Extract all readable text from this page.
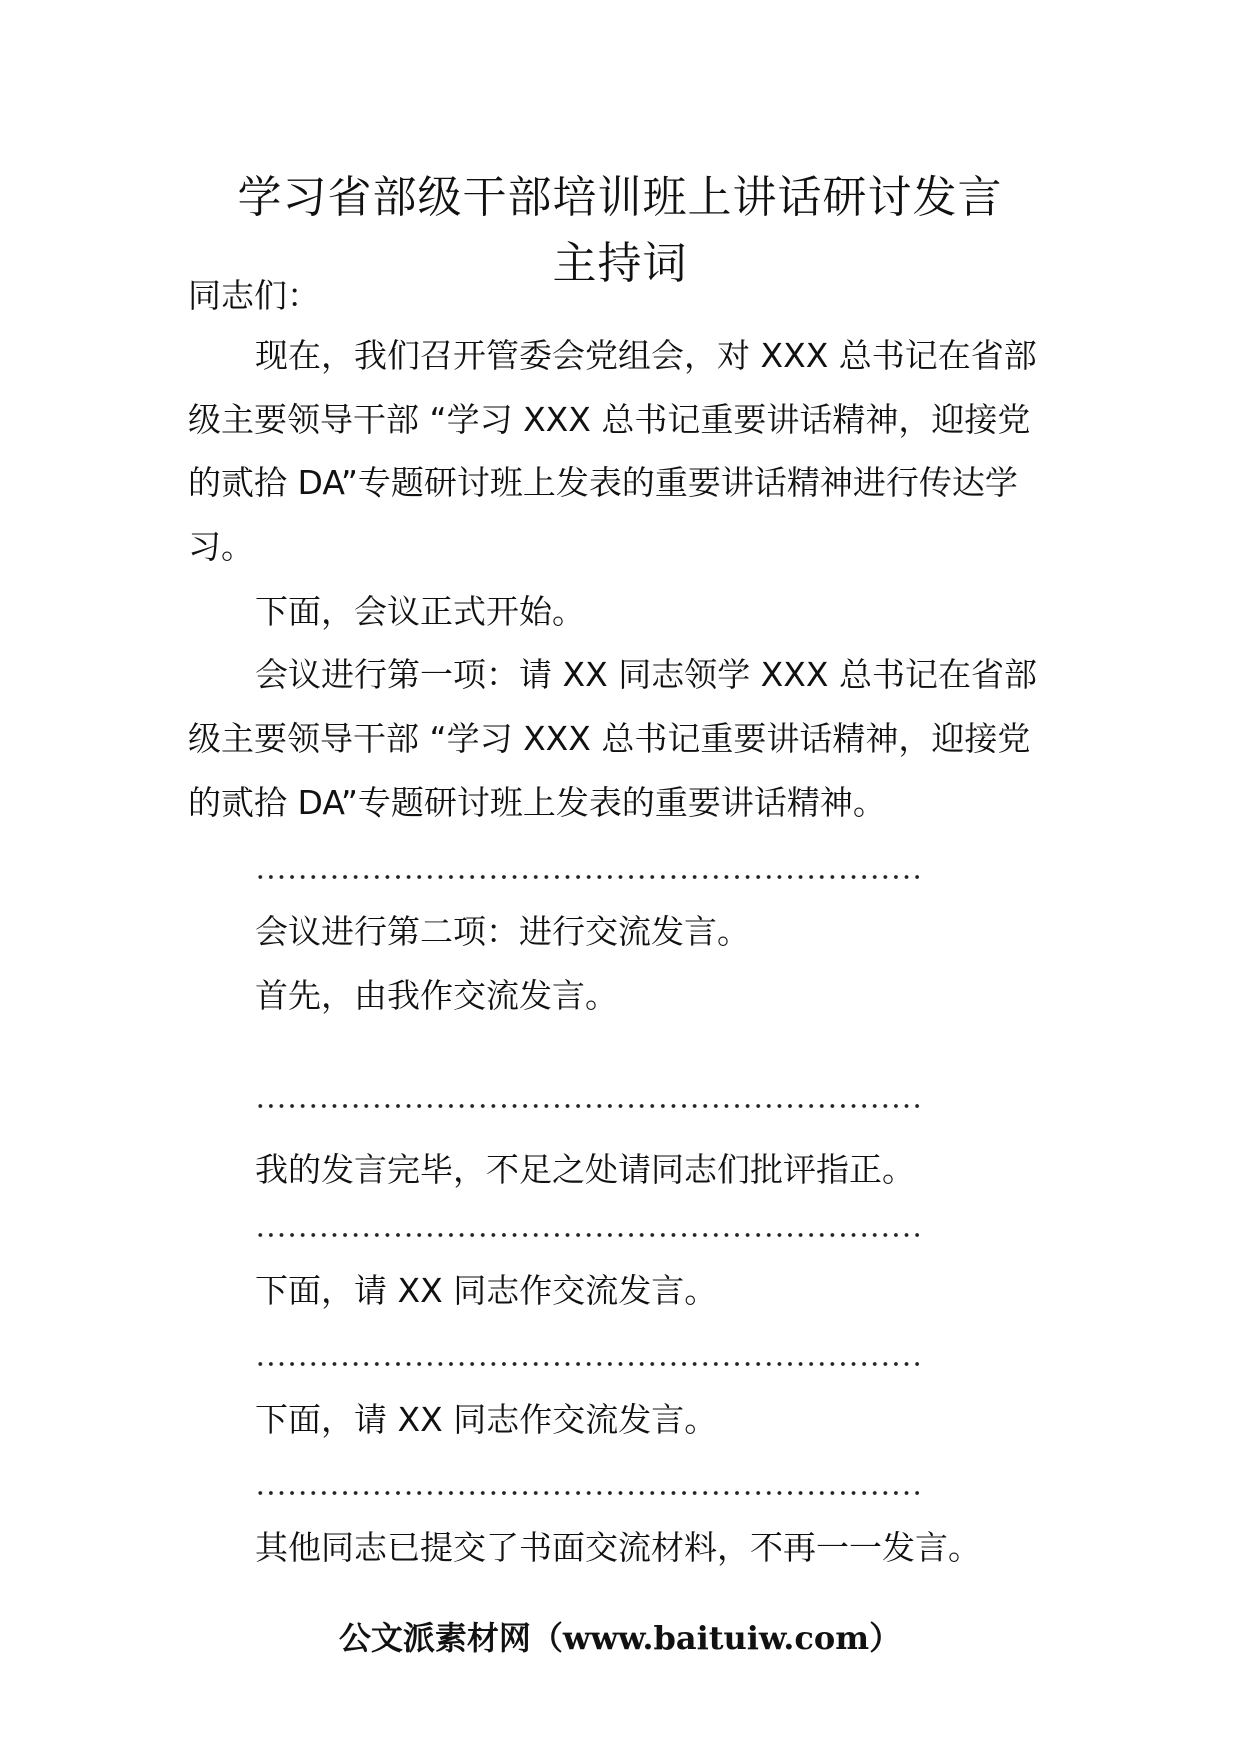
学习省部级干部培训班上讲话研讨发言
主持词
同志们：
现在，我们召开管委会党组会，对 XXX 总书记在省部
级主要领导干部 “学习 XXX 总书记重要讲话精神，迎接党
的贰拾 DA”专题研讨班上发表的重要讲话精神进行传达学
习。
下面，会议正式开始。
会议进行第一项：请 XX 同志领学 XXX 总书记在省部
级主要领导干部 “学习 XXX 总书记重要讲话精神，迎接党
的贰拾 DA”专题研讨班上发表的重要讲话精神。
会议进行第二项：进行交流发言。
首先，由我作交流发言。
我的发言完毕，不足之处请同志们批评指正。
下面，请 XX 同志作交流发言。
下面，请 XX 同志作交流发言。
其他同志已提交了书面交流材料，不再一一发言。
公文派素材网（www.baituiw.com）
